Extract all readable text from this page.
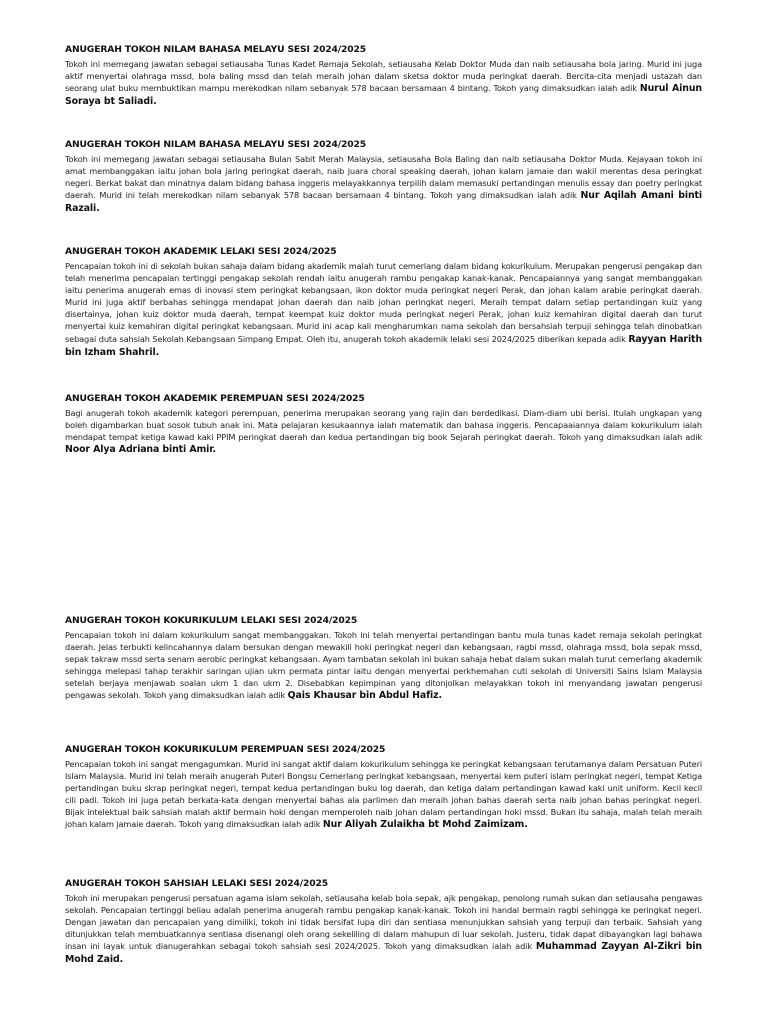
ANUGERAH TOKOH NILAM BAHASA MELAYU SESI 2024/2025

Tokoh ini memegang jawatan sebagai setiausaha Tunas Kadet Remaja Sekolah, setiausaha Kelab Doktor Muda dan naib setiausaha bola jaring. Murid ini juga aktif menyertai olahraga mssd, bola baling mssd dan telah meraih johan dalam sketsa doktor muda peringkat daerah. Bercita-cita menjadi ustazah dan seorang ulat buku membuktikan mampu merekodkan nilam sebanyak 578 bacaan bersamaan 4 bintang. Tokoh yang dimaksudkan ialah adik Nurul Ainun Soraya bt Saliadi.

ANUGERAH TOKOH NILAM BAHASA MELAYU SESI 2024/2025

Tokoh ini memegang jawatan sebagai setiausaha Bulan Sabit Merah Malaysia, setiausaha Bola Baling dan naib setiausaha Doktor Muda. Kejayaan tokoh ini amat membanggakan iaitu johan bola jaring peringkat daerah, naib juara choral speaking daerah, johan kalam jamaie dan wakil merentas desa peringkat negeri. Berkat bakat dan minatnya dalam bidang bahasa inggeris melayakkannya terpilih dalam memasuki pertandingan menulis essay dan poetry peringkat daerah. Murid ini telah merekodkan nilam sebanyak 578 bacaan bersamaan 4 bintang. Tokoh yang dimaksudkan ialah adik Nur Aqilah Amani binti Razali.

ANUGERAH TOKOH AKADEMIK LELAKI SESI 2024/2025

Pencapaian tokoh ini di sekolah bukan sahaja dalam bidang akademik malah turut cemerlang dalam bidang kokurikulum. Merupakan pengerusi pengakap dan telah menerima pencapaian tertinggi pengakap sekolah rendah iaitu anugerah rambu pengakap kanak-kanak. Pencapaiannya yang sangat membanggakan iaitu penerima anugerah emas di inovasi stem peringkat kebangsaan, ikon doktor muda peringkat negeri Perak, dan johan kalam arabie peringkat daerah. Murid ini juga aktif berbahas sehingga mendapat johan daerah dan naib johan peringkat negeri. Meraih tempat dalam setiap pertandingan kuiz yang disertainya, johan kuiz doktor muda daerah, tempat keempat kuiz doktor muda peringkat negeri Perak, johan kuiz kemahiran digital daerah dan turut menyertai kuiz kemahiran digital peringkat kebangsaan. Murid ini acap kali mengharumkan nama sekolah dan bersahsiah terpuji sehingga telah dinobatkan sebagai duta sahsiah Sekolah Kebangsaan Simpang Empat. Oleh itu, anugerah tokoh akademik lelaki sesi 2024/2025 diberikan kepada adik Rayyan Harith bin Izham Shahril.

ANUGERAH TOKOH AKADEMIK PEREMPUAN SESI 2024/2025

Bagi anugerah tokoh akademik kategori perempuan, penerima merupakan seorang yang rajin dan berdedikasi. Diam-diam ubi berisi. Itulah ungkapan yang boleh digambarkan buat sosok tubuh anak ini. Mata pelajaran kesukaannya ialah matematik dan bahasa inggeris. Pencapaaiannya dalam kokurikulum ialah mendapat tempat ketiga kawad kaki PPIM peringkat daerah dan kedua pertandingan big book Sejarah peringkat daerah. Tokoh yang dimaksudkan ialah adik Noor Alya Adriana binti Amir.

ANUGERAH TOKOH KOKURIKULUM LELAKI SESI 2024/2025

Pencapaian tokoh ini dalam kokurikulum sangat membanggakan. Tokoh ini telah menyertai pertandingan bantu mula tunas kadet remaja sekolah peringkat daerah. Jelas terbukti kelincahannya dalam bersukan dengan mewakili hoki peringkat negeri dan kebangsaan, ragbi mssd, olahraga mssd, bola sepak mssd, sepak takraw mssd serta senam aerobic peringkat kebangsaan. Ayam tambatan sekolah ini bukan sahaja hebat dalam sukan malah turut cemerlang akademik sehingga melepasi tahap terakhir saringan ujian ukm permata pintar iaitu dengan menyertai perkhemahan cuti sekolah di Universiti Sains Islam Malaysia setelah berjaya menjawab soalan ukm 1 dan ukm 2. Disebabkan kepimpinan yang ditonjolkan melayakkan tokoh ini menyandang jawatan pengerusi pengawas sekolah. Tokoh yang dimaksudkan ialah adik Qais Khausar bin Abdul Hafiz.

ANUGERAH TOKOH KOKURIKULUM PEREMPUAN SESI 2024/2025

Pencapaian tokoh ini sangat mengagumkan. Murid ini sangat aktif dalam kokurikulum sehingga ke peringkat kebangsaan terutamanya dalam Persatuan Puteri Islam Malaysia. Murid ini telah meraih anugerah Puteri Bongsu Cemerlang peringkat kebangsaan, menyertai kem puteri islam peringkat negeri, tempat Ketiga pertandingan buku skrap peringkat negeri, tempat kedua pertandingan buku log daerah, dan ketiga dalam pertandingan kawad kaki unit uniform. Kecil kecil cili padi. Tokoh ini juga petah berkata-kata dengan menyertai bahas ala parlimen dan meraih johan bahas daerah serta naib johan bahas peringkat negeri. Bijak intelektual baik sahsiah malah aktif bermain hoki dengan memperoleh naib johan dalam pertandingan hoki mssd. Bukan itu sahaja, malah telah meraih johan kalam jamaie daerah. Tokoh yang dimaksudkan ialah adik Nur Aliyah Zulaikha bt Mohd Zaimizam.

ANUGERAH TOKOH SAHSIAH LELAKI SESI 2024/2025

Tokoh ini merupakan pengerusi persatuan agama islam sekolah, setiausaha kelab bola sepak, ajk pengakap, penolong rumah sukan dan setiausaha pengawas sekolah. Pencapaian tertinggi beliau adalah penerima anugerah rambu pengakap kanak-kanak. Tokoh ini handal bermain ragbi sehingga ke peringkat negeri. Dengan jawatan dan pencapaian yang dimiliki, tokoh ini tidak bersifat lupa diri dan sentiasa menunjukkan sahsiah yang terpuji dan terbaik. Sahsiah yang ditunjukkan telah membuatkannya sentiasa disenangi oleh orang sekeliling di dalam mahupun di luar sekolah. Justeru, tidak dapat dibayangkan lagi bahawa insan ini layak untuk dianugerahkan sebagai tokoh sahsiah sesi 2024/2025. Tokoh yang dimaksudkan ialah adik Muhammad Zayyan Al-Zikri bin Mohd Zaid.
